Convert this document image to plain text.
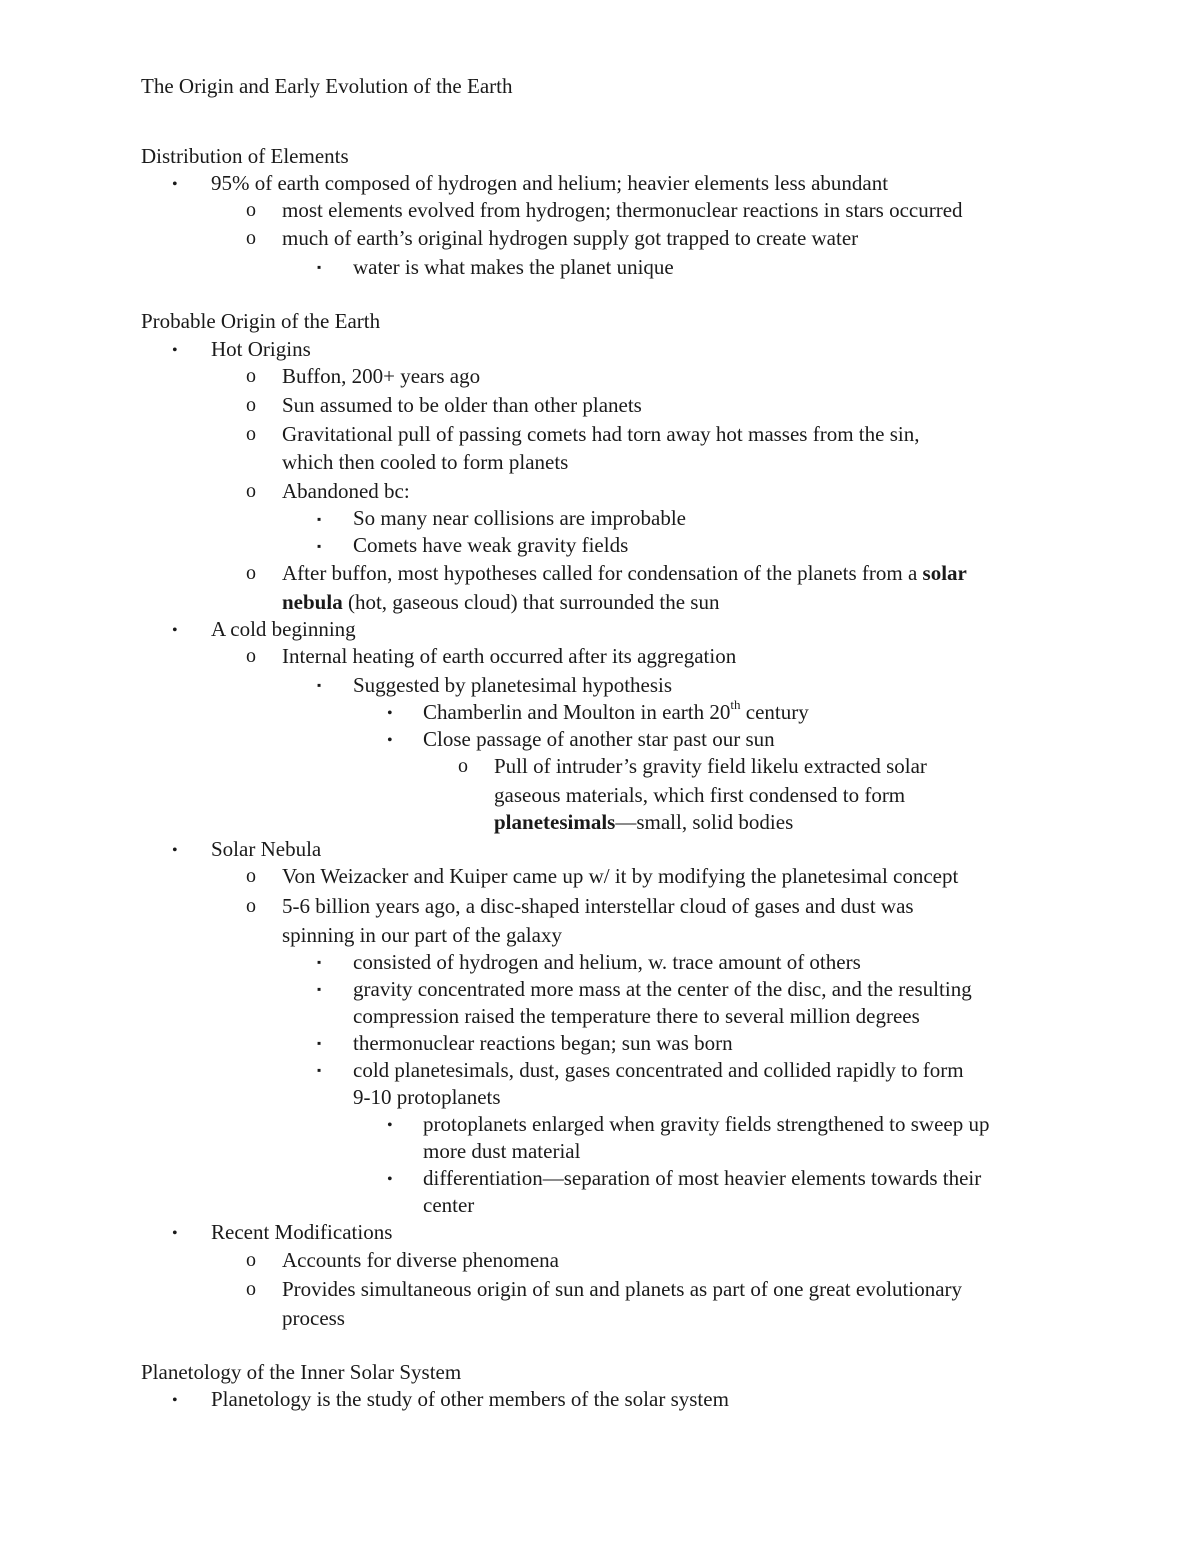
The Origin and Early Evolution of the Earth
Distribution of Elements
• 95% of earth composed of hydrogen and helium; heavier elements less abundant
o most elements evolved from hydrogen; thermonuclear reactions in stars occurred
o much of earth’s original hydrogen supply got trapped to create water
▪ water is what makes the planet unique
Probable Origin of the Earth
• Hot Origins
o Buffon, 200+ years ago
o Sun assumed to be older than other planets
o Gravitational pull of passing comets had torn away hot masses from the sin,
which then cooled to form planets
o Abandoned bc:
▪ So many near collisions are improbable
▪ Comets have weak gravity fields
o After buffon, most hypotheses called for condensation of the planets from a solar
nebula (hot, gaseous cloud) that surrounded the sun
• A cold beginning
o Internal heating of earth occurred after its aggregation
▪ Suggested by planetesimal hypothesis
• Chamberlin and Moulton in earth 20th century
• Close passage of another star past our sun
o Pull of intruder’s gravity field likelu extracted solar
gaseous materials, which first condensed to form
planetesimals—small, solid bodies
• Solar Nebula
o Von Weizacker and Kuiper came up w/ it by modifying the planetesimal concept
o 5-6 billion years ago, a disc-shaped interstellar cloud of gases and dust was
spinning in our part of the galaxy
▪ consisted of hydrogen and helium, w. trace amount of others
▪ gravity concentrated more mass at the center of the disc, and the resulting
compression raised the temperature there to several million degrees
▪ thermonuclear reactions began; sun was born
▪ cold planetesimals, dust, gases concentrated and collided rapidly to form
9-10 protoplanets
• protoplanets enlarged when gravity fields strengthened to sweep up
more dust material
• differentiation—separation of most heavier elements towards their
center
• Recent Modifications
o Accounts for diverse phenomena
o Provides simultaneous origin of sun and planets as part of one great evolutionary
process
Planetology of the Inner Solar System
• Planetology is the study of other members of the solar system
